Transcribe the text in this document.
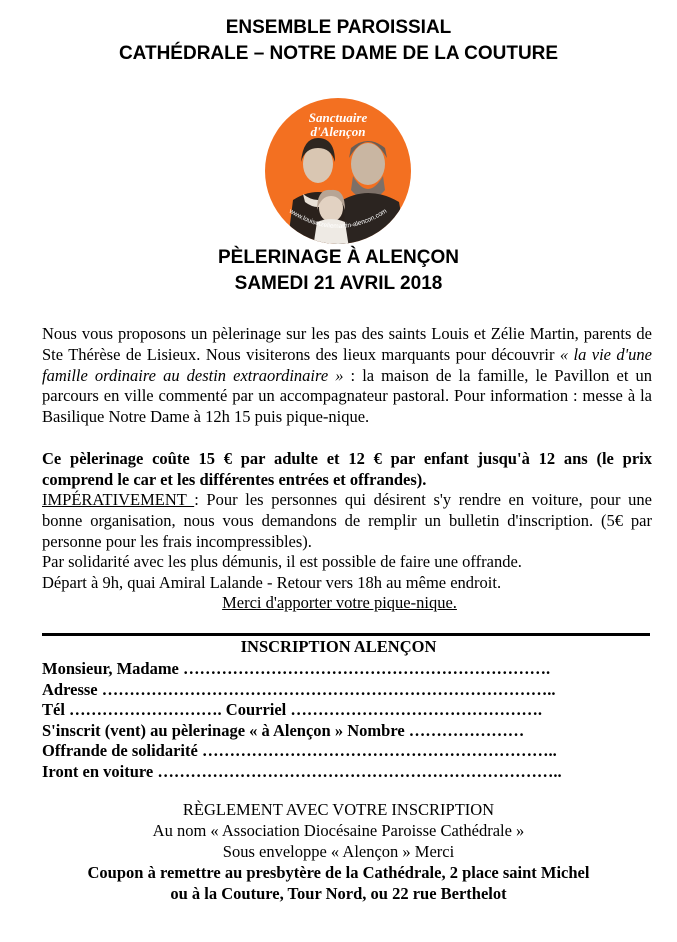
ENSEMBLE PAROISSIAL
CATHÉDRALE – NOTRE DAME DE LA COUTURE
Sanctuaire
d'Alençon
www.louisetzeliemartin-alencon.com
PÈLERINAGE À ALENÇON
SAMEDI 21 AVRIL 2018
Nous vous proposons un pèlerinage sur les pas des saints Louis et Zélie Martin, parents de Ste Thérèse de Lisieux. Nous visiterons des lieux marquants pour découvrir « la vie d'une famille ordinaire au destin extraordinaire » : la maison de la famille, le Pavillon et un parcours en ville commenté par un accompagnateur pastoral. Pour information : messe à la Basilique Notre Dame à 12h 15 puis pique-nique.
Ce pèlerinage coûte 15 € par adulte et 12 € par enfant jusqu'à 12 ans (le prix comprend le car et les différentes entrées et offrandes).
IMPÉRATIVEMENT : Pour les personnes qui désirent s'y rendre en voiture, pour une bonne organisation, nous vous demandons de remplir un bulletin d'inscription. (5€ par personne pour les frais incompressibles).
Par solidarité avec les plus démunis, il est possible de faire une offrande.
Départ à 9h, quai Amiral Lalande - Retour vers 18h au même endroit.
Merci d'apporter votre pique-nique.
INSCRIPTION ALENÇON
Monsieur, Madame ………………………………………………………….
Adresse ………………………………………………………………………..
Tél ………………………. Courriel ……………………………………….
S'inscrit (vent) au pèlerinage « à Alençon » Nombre …………………
Offrande de solidarité ………………………………………………………..
Iront en voiture ………………………………………………………………..
RÈGLEMENT AVEC VOTRE INSCRIPTION
Au nom « Association Diocésaine Paroisse Cathédrale »
Sous enveloppe « Alençon » Merci
Coupon à remettre au presbytère de la Cathédrale, 2 place saint Michel
ou à la Couture, Tour Nord, ou 22 rue Berthelot
